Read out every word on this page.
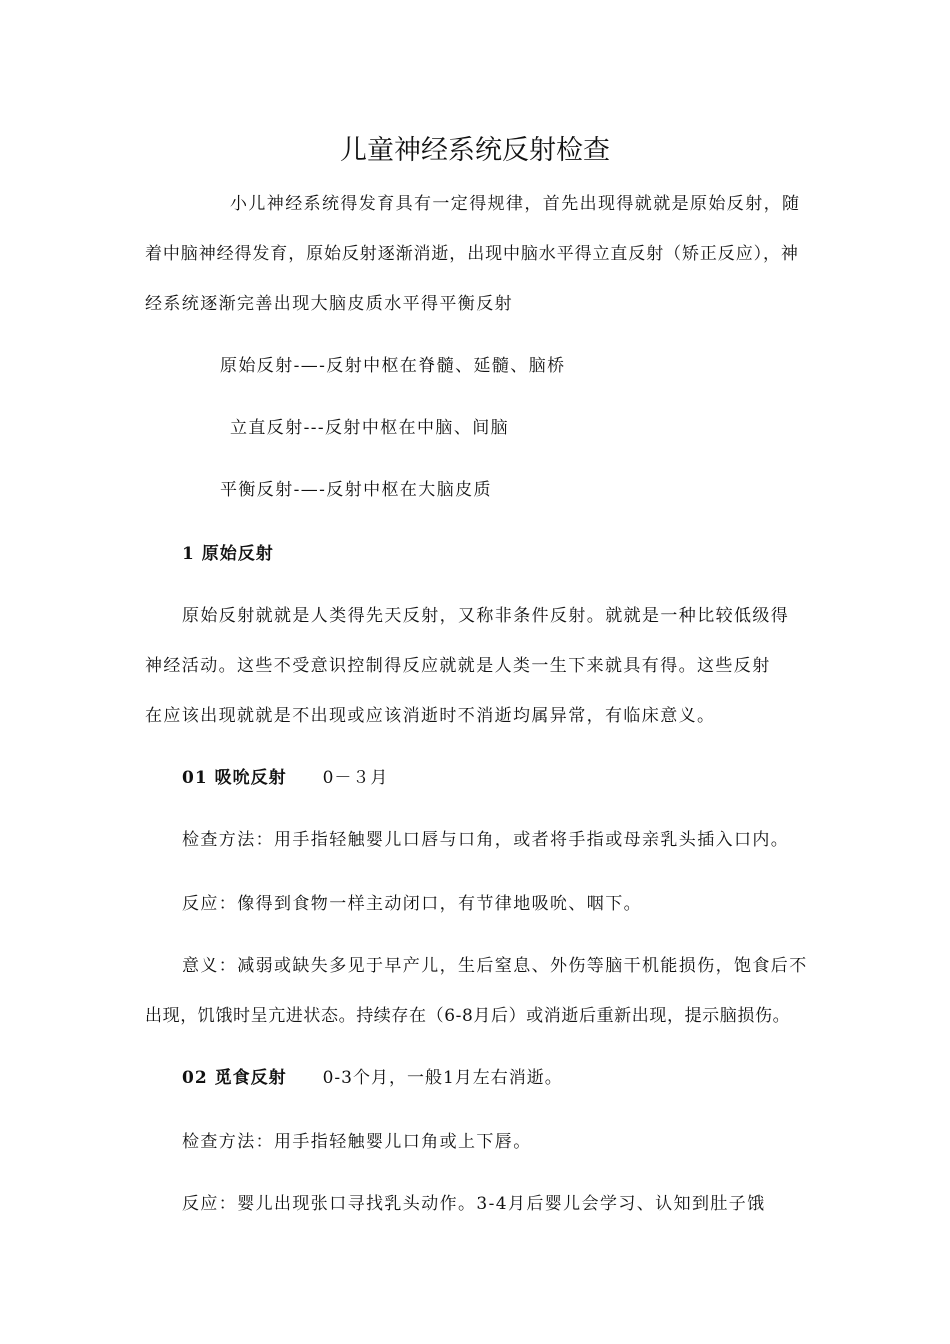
儿童神经系统反射检查
小儿神经系统得发育具有一定得规律，首先出现得就就是原始反射，随
着中脑神经得发育，原始反射逐渐消逝，出现中脑水平得立直反射（矫正反应），神
经系统逐渐完善出现大脑皮质水平得平衡反射
原始反射-—-反射中枢在脊髓、延髓、脑桥
立直反射---反射中枢在中脑、间脑
平衡反射-—-反射中枢在大脑皮质
1 原始反射
原始反射就就是人类得先天反射，又称非条件反射。就就是一种比较低级得
神经活动。这些不受意识控制得反应就就是人类一生下来就具有得。这些反射
在应该出现就就是不出现或应该消逝时不消逝均属异常，有临床意义。
01 吸吮反射 0－３月
检查方法：用手指轻触婴儿口唇与口角，或者将手指或母亲乳头插入口内。
反应：像得到食物一样主动闭口，有节律地吸吮、咽下。
意义：减弱或缺失多见于早产儿，生后窒息、外伤等脑干机能损伤，饱食后不
出现，饥饿时呈亢进状态。持续存在（6-8月后）或消逝后重新出现，提示脑损伤。
02 觅食反射 0-3个月，一般1月左右消逝。
检查方法：用手指轻触婴儿口角或上下唇。
反应：婴儿出现张口寻找乳头动作。3-4月后婴儿会学习、认知到肚子饿
